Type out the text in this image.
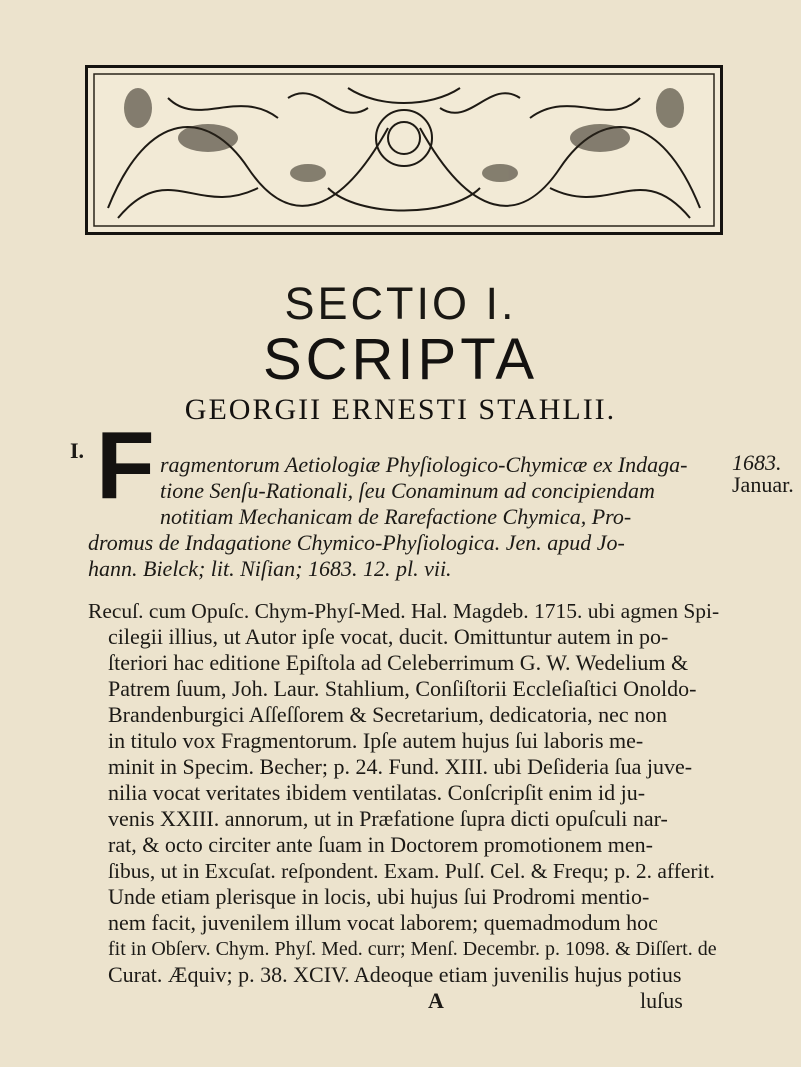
SECTIO I.
SCRIPTA
GEORGII ERNESTI STAHLII.
I. F	1683.
Januar.
ragmentorum Aetiologiæ Phyſiologico-Chymicæ ex Indaga-
tione Senſu-Rationali, ſeu Conaminum ad concipiendam
notitiam Mechanicam de Rarefactione Chymica, Pro-
dromus de Indagatione Chymico-Phyſiologica. Jen. apud Jo-
hann. Bielck; lit. Niſian; 1683. 12. pl. vii.
Recuſ. cum Opuſc. Chym-Phyſ-Med. Hal. Magdeb. 1715. ubi agmen Spi-
cilegii illius, ut Autor ipſe vocat, ducit. Omittuntur autem in po-
ſteriori hac editione Epiſtola ad Celeberrimum G. W. Wedelium &
Patrem ſuum, Joh. Laur. Stahlium, Conſiſtorii Eccleſiaſtici Onoldo-
Brandenburgici Aſſeſſorem & Secretarium, dedicatoria, nec non
in titulo vox Fragmentorum. Ipſe autem hujus ſui laboris me-
minit in Specim. Becher; p. 24. Fund. XIII. ubi Deſideria ſua juve-
nilia vocat veritates ibidem ventilatas. Conſcripſit enim id ju-
venis XXIII. annorum, ut in Præfatione ſupra dicti opuſculi nar-
rat, & octo circiter ante ſuam in Doctorem promotionem men-
ſibus, ut in Excuſat. reſpondent. Exam. Pulſ. Cel. & Frequ; p. 2. afferit.
Unde etiam plerisque in locis, ubi hujus ſui Prodromi mentio-
nem facit, juvenilem illum vocat laborem; quemadmodum hoc
fit in Obſerv. Chym. Phyſ. Med. curr; Menſ. Decembr. p. 1098. & Diſſert. de
Curat. Æquiv; p. 38. XCIV. Adeoque etiam juvenilis hujus potius
A	luſus
